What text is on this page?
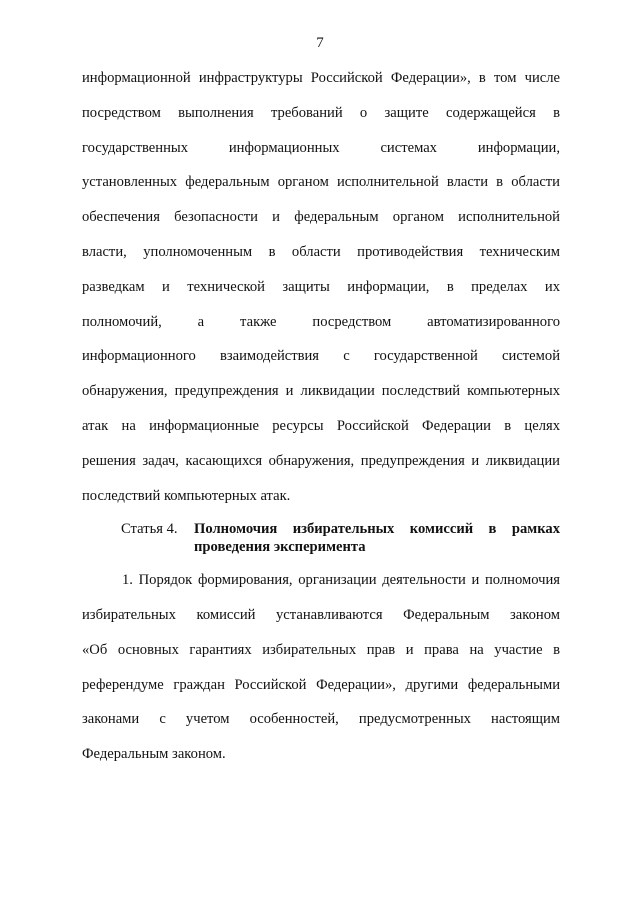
7
информационной инфраструктуры Российской Федерации», в том числе
посредством выполнения требований о защите содержащейся в
государственных информационных системах информации,
установленных федеральным органом исполнительной власти в области
обеспечения безопасности и федеральным органом исполнительной
власти, уполномоченным в области противодействия техническим
разведкам и технической защиты информации, в пределах их
полномочий, а также посредством автоматизированного
информационного взаимодействия с государственной системой
обнаружения, предупреждения и ликвидации последствий компьютерных
атак на информационные ресурсы Российской Федерации в целях
решения задач, касающихся обнаружения, предупреждения и ликвидации
последствий компьютерных атак.
Статья 4.	Полномочия избирательных комиссий в рамках
проведения эксперимента
1. Порядок формирования, организации деятельности и полномочия
избирательных комиссий устанавливаются Федеральным законом
«Об основных гарантиях избирательных прав и права на участие в
референдуме граждан Российской Федерации», другими федеральными
законами с учетом особенностей, предусмотренных настоящим
Федеральным законом.
